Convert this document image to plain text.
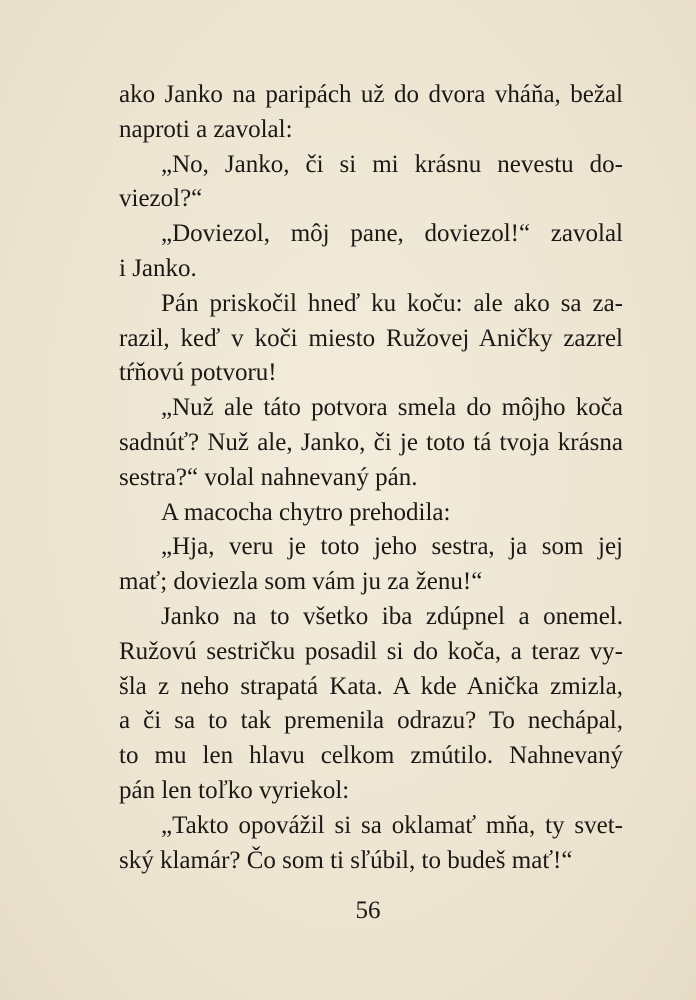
ako Janko na paripách už do dvora vháňa, bežal
naproti a zavolal:
„No, Janko, či si mi krásnu nevestu do-
viezol?“
„Doviezol, môj pane, doviezol!“ zavolal
i Janko.
Pán priskočil hneď ku koču: ale ako sa za-
razil, keď v koči miesto Ružovej Aničky zazrel
tŕňovú potvoru!
„Nuž ale táto potvora smela do môjho koča
sadnúť? Nuž ale, Janko, či je toto tá tvoja krásna
sestra?“ volal nahnevaný pán.
A macocha chytro prehodila:
„Hja, veru je toto jeho sestra, ja som jej
mať; doviezla som vám ju za ženu!“
Janko na to všetko iba zdúpnel a onemel.
Ružovú sestričku posadil si do koča, a teraz vy-
šla z neho strapatá Kata. A kde Anička zmizla,
a či sa to tak premenila odrazu? To nechápal,
to mu len hlavu celkom zmútilo. Nahnevaný
pán len toľko vyriekol:
„Takto opovážil si sa oklamať mňa, ty svet-
ský klamár? Čo som ti sľúbil, to budeš mať!“
56
